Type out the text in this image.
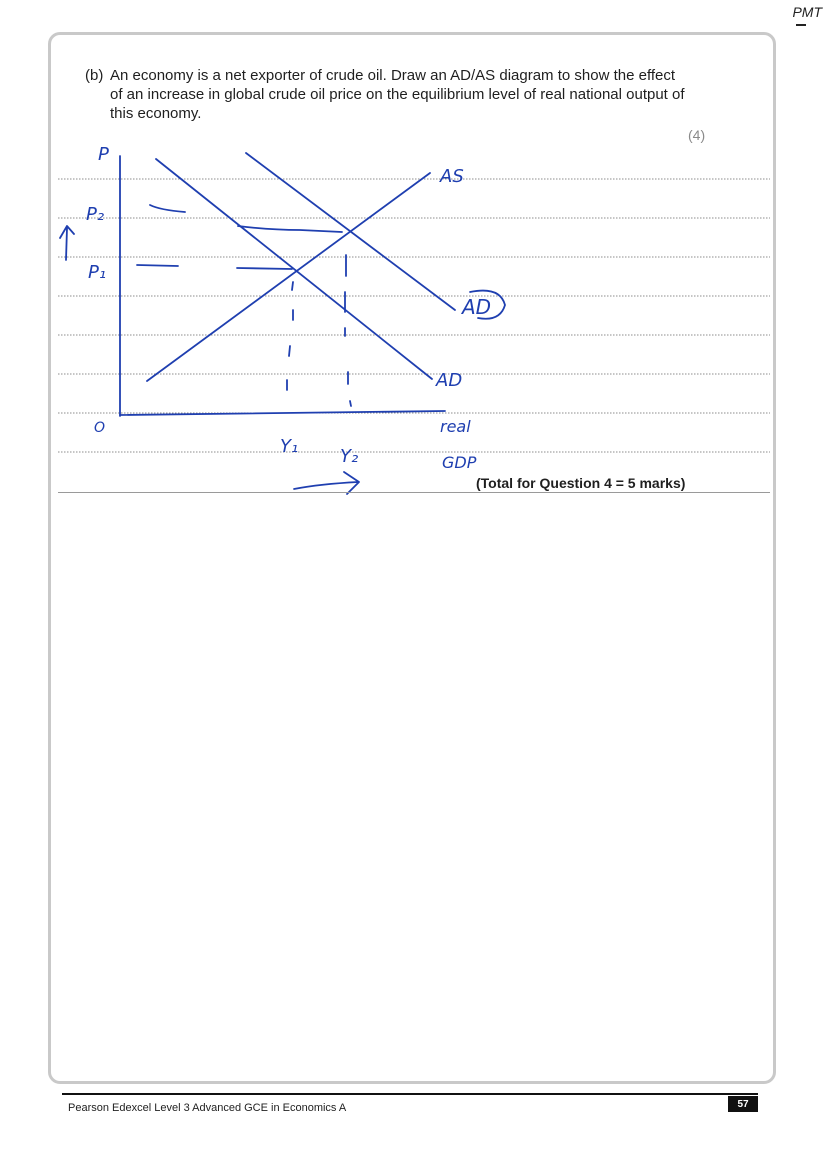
PMT
(b) An economy is a net exporter of crude oil. Draw an AD/AS diagram to show the effect of an increase in global crude oil price on the equilibrium level of real national output of this economy.
(4)
P
P₂
P₁
O
AS
AD
AD
real
GDP
Y₁ Y₂
(Total for Question 4 = 5 marks)
Pearson Edexcel Level 3 Advanced GCE in Economics A	57
